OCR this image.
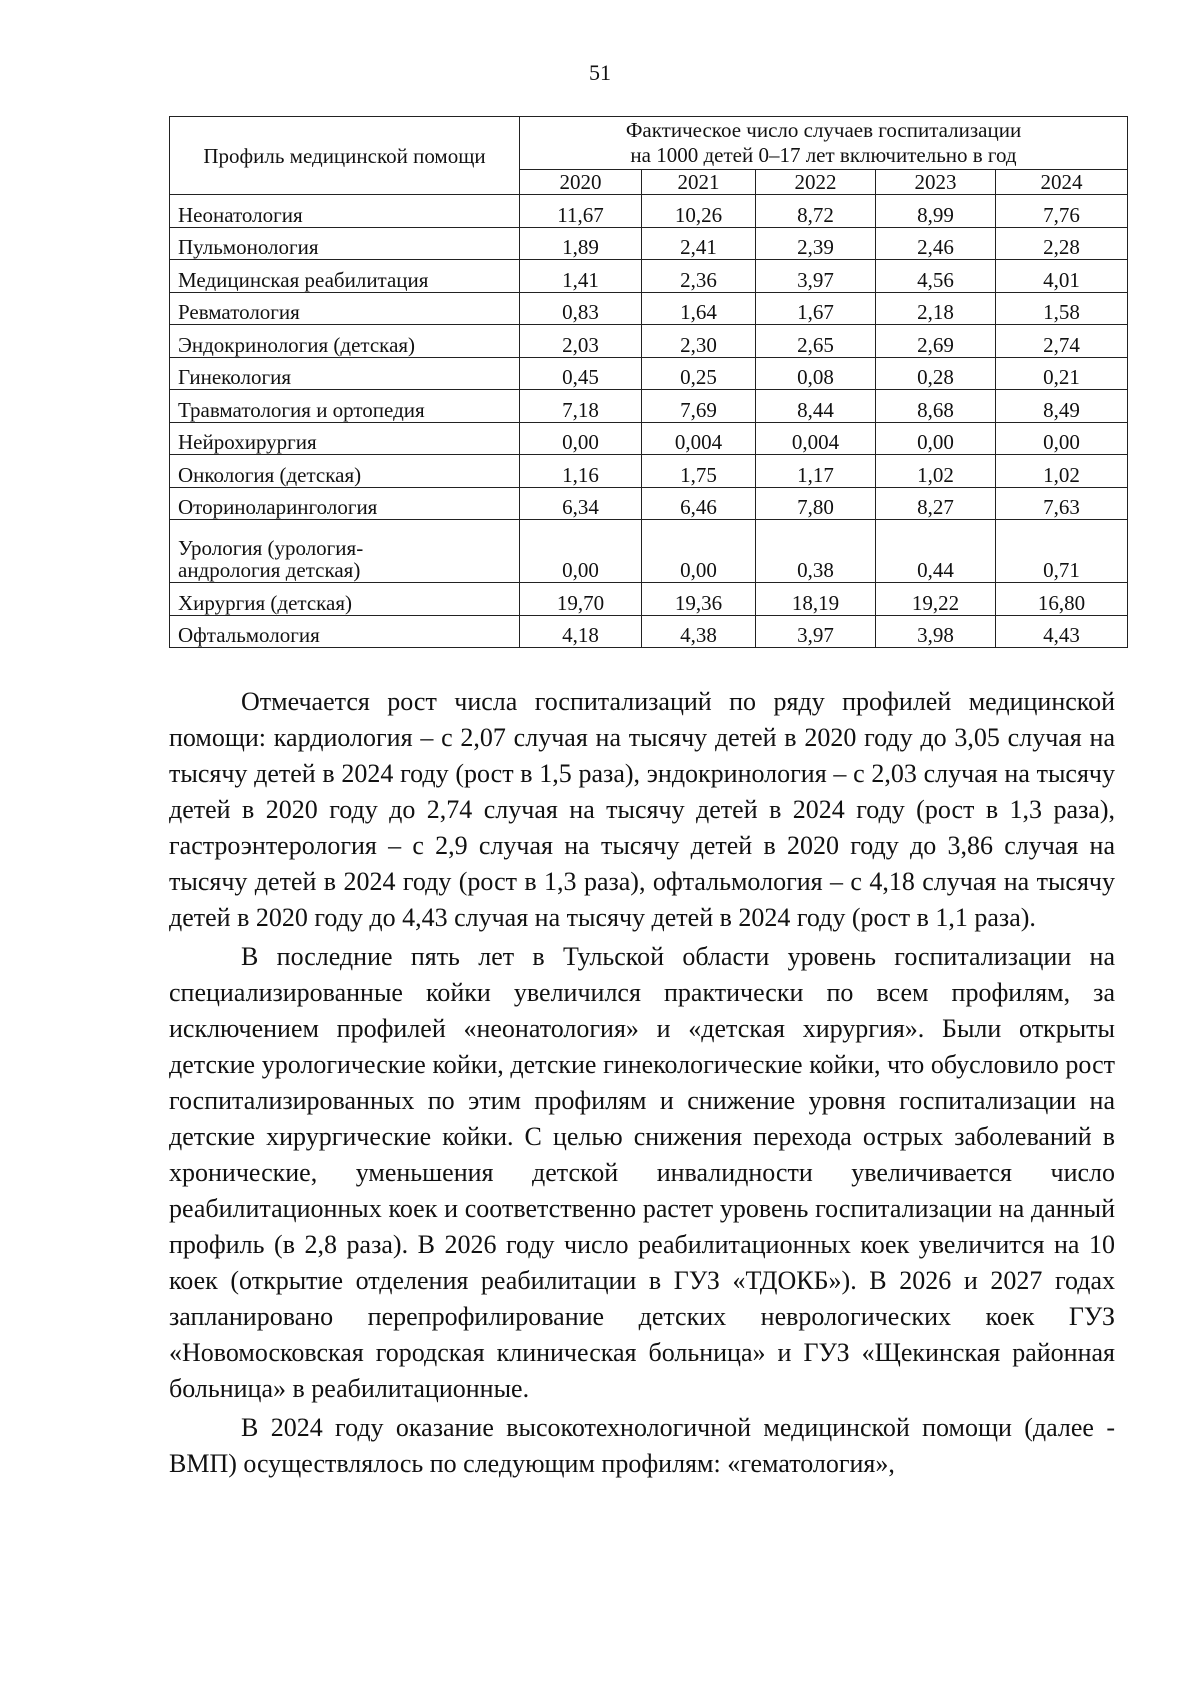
51
Профиль медицинской помощи	Фактическое число случаев госпитализации
на 1000 детей 0–17 лет включительно в год				
	2020	2021	2022	2023	2024
Неонатология	11,67	10,26	8,72	8,99	7,76
Пульмонология	1,89	2,41	2,39	2,46	2,28
Медицинская реабилитация	1,41	2,36	3,97	4,56	4,01
Ревматология	0,83	1,64	1,67	2,18	1,58
Эндокринология (детская)	2,03	2,30	2,65	2,69	2,74
Гинекология	0,45	0,25	0,08	0,28	0,21
Травматология и ортопедия	7,18	7,69	8,44	8,68	8,49
Нейрохирургия	0,00	0,004	0,004	0,00	0,00
Онкология (детская)	1,16	1,75	1,17	1,02	1,02
Оториноларингология	6,34	6,46	7,80	8,27	7,63

Урология (урология-
андрология детская)	0,00	0,00	0,38	0,44	0,71
Хирургия (детская)	19,70	19,36	18,19	19,22	16,80
Офтальмология	4,18	4,38	3,97	3,98	4,43

Отмечается рост числа госпитализаций по ряду профилей медицинской помощи: кардиология – с 2,07 случая на тысячу детей в 2020 году до 3,05 случая на тысячу детей в 2024 году (рост в 1,5 раза), эндокринология – с 2,03 случая на тысячу детей в 2020 году до 2,74 случая на тысячу детей в 2024 году (рост в 1,3 раза), гастроэнтерология – с 2,9 случая на тысячу детей в 2020 году до 3,86 случая на тысячу детей в 2024 году (рост в 1,3 раза), офтальмология – с 4,18 случая на тысячу детей в 2020 году до 4,43 случая на тысячу детей в 2024 году (рост в 1,1 раза).

В последние пять лет в Тульской области уровень госпитализации на специализированные койки увеличился практически по всем профилям, за исключением профилей «неонатология» и «детская хирургия». Были открыты детские урологические койки, детские гинекологические койки, что обусловило рост госпитализированных по этим профилям и снижение уровня госпитализации на детские хирургические койки. С целью снижения перехода острых заболеваний в хронические, уменьшения детской инвалидности увеличивается число реабилитационных коек и соответственно растет уровень госпитализации на данный профиль (в 2,8 раза). В 2026 году число реабилитационных коек увеличится на 10 коек (открытие отделения реабилитации в ГУЗ «ТДОКБ»). В 2026 и 2027 годах запланировано перепрофилирование детских неврологических коек ГУЗ «Новомосковская городская клиническая больница» и ГУЗ «Щекинская районная больница» в реабилитационные.

В 2024 году оказание высокотехнологичной медицинской помощи (далее - ВМП) осуществлялось по следующим профилям: «гематология»,
